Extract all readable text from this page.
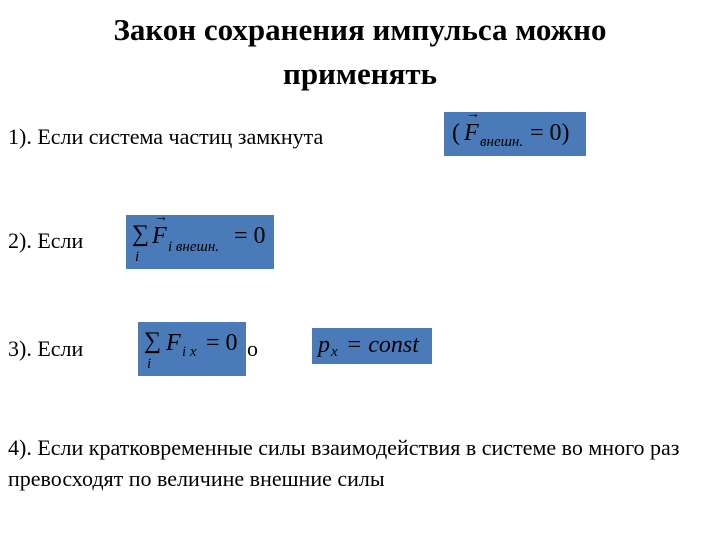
Закон сохранения импульса можно
применять
1). Если система частиц замкнута	(
→ F внешн. = 0)
2). Если ∑
i
→ F i внешн. = 0
3). Если	∑
i
F i x = 0 о	p x = const
4). Если кратковременные силы взаимодействия в системе во много раз превосходят по величине внешние силы
